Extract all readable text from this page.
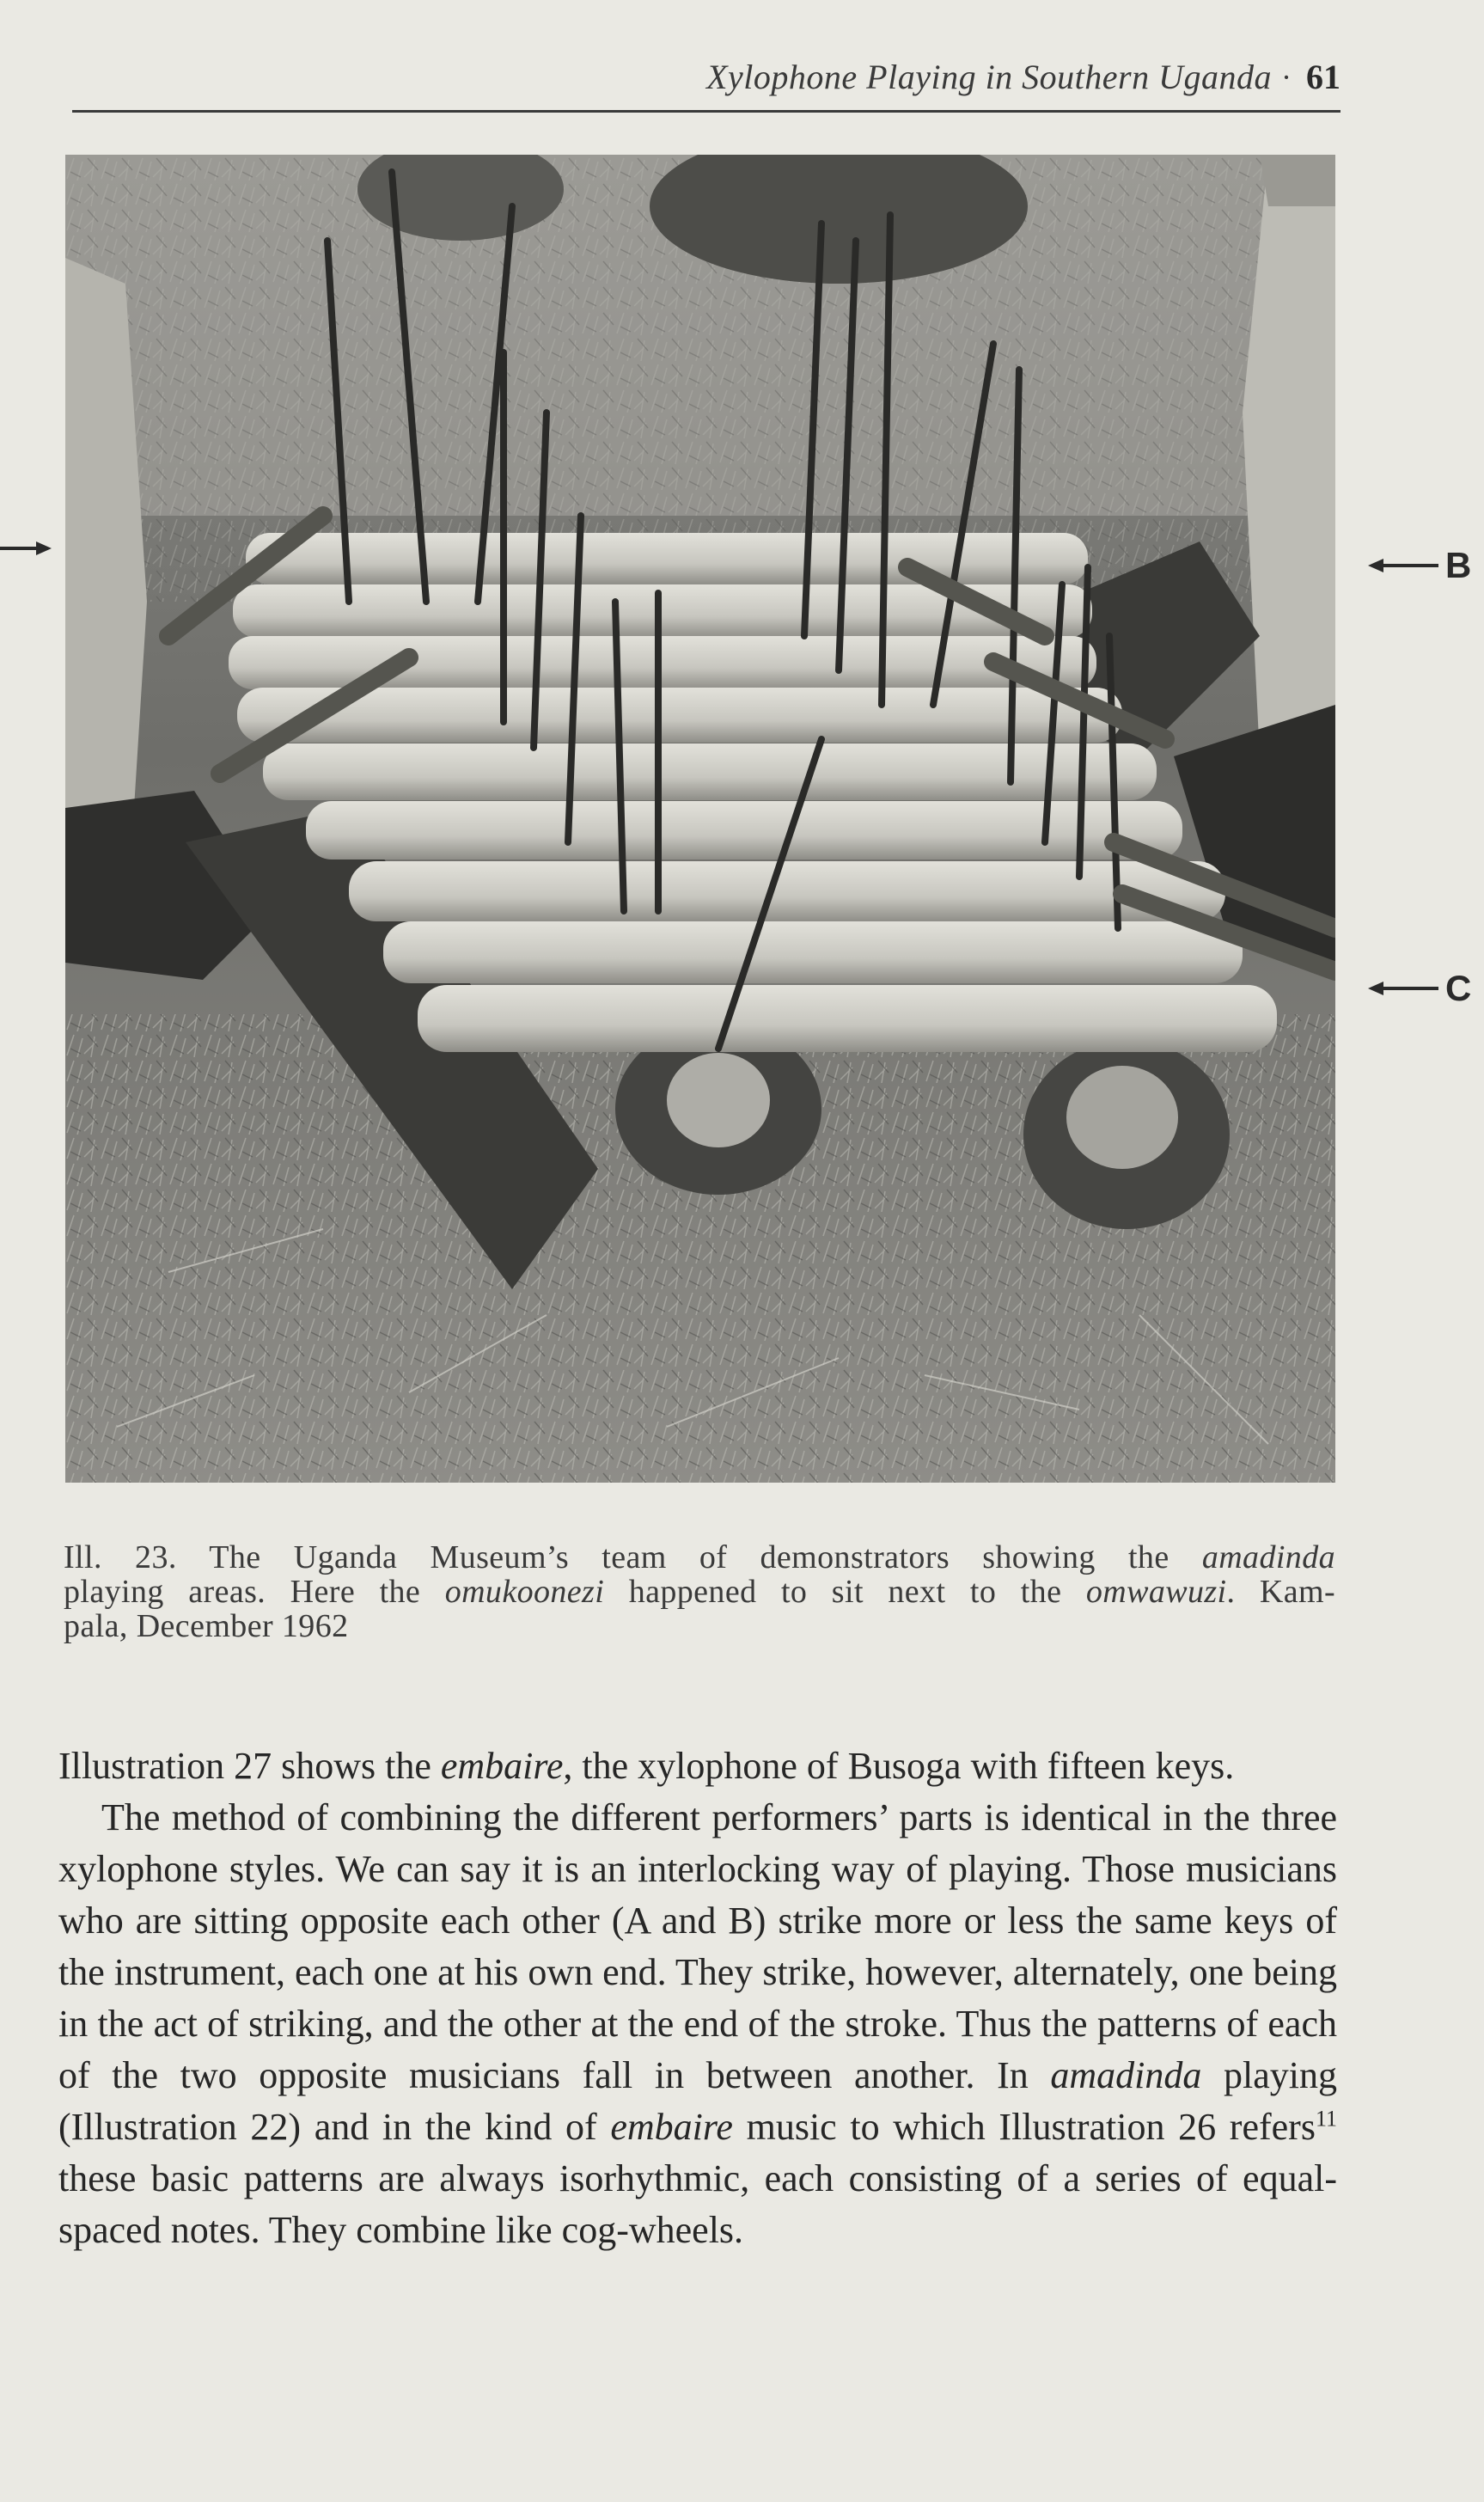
Xylophone Playing in Southern Uganda · 61
B
C
Ill. 23. The Uganda Museum’s team of demonstrators showing the amadinda
playing areas. Here the omukoonezi happened to sit next to the omwawuzi. Kam-
pala, December 1962

Illustration 27 shows the embaire, the xylophone of Busoga with fifteen keys.

The method of combining the different performers’ parts is identical in the three xylophone styles. We can say it is an interlocking way of playing. Those musicians who are sitting opposite each other (A and B) strike more or less the same keys of the instrument, each one at his own end. They strike, however, alternately, one being in the act of striking, and the other at the end of the stroke. Thus the patterns of each of the two opposite musicians fall in between another. In amadinda playing (Illustration 22) and in the kind of embaire music to which Illustration 26 refers$^{11}$ these basic patterns are always isorhythmic, each consisting of a series of equal-spaced notes. They combine like cog-wheels.
